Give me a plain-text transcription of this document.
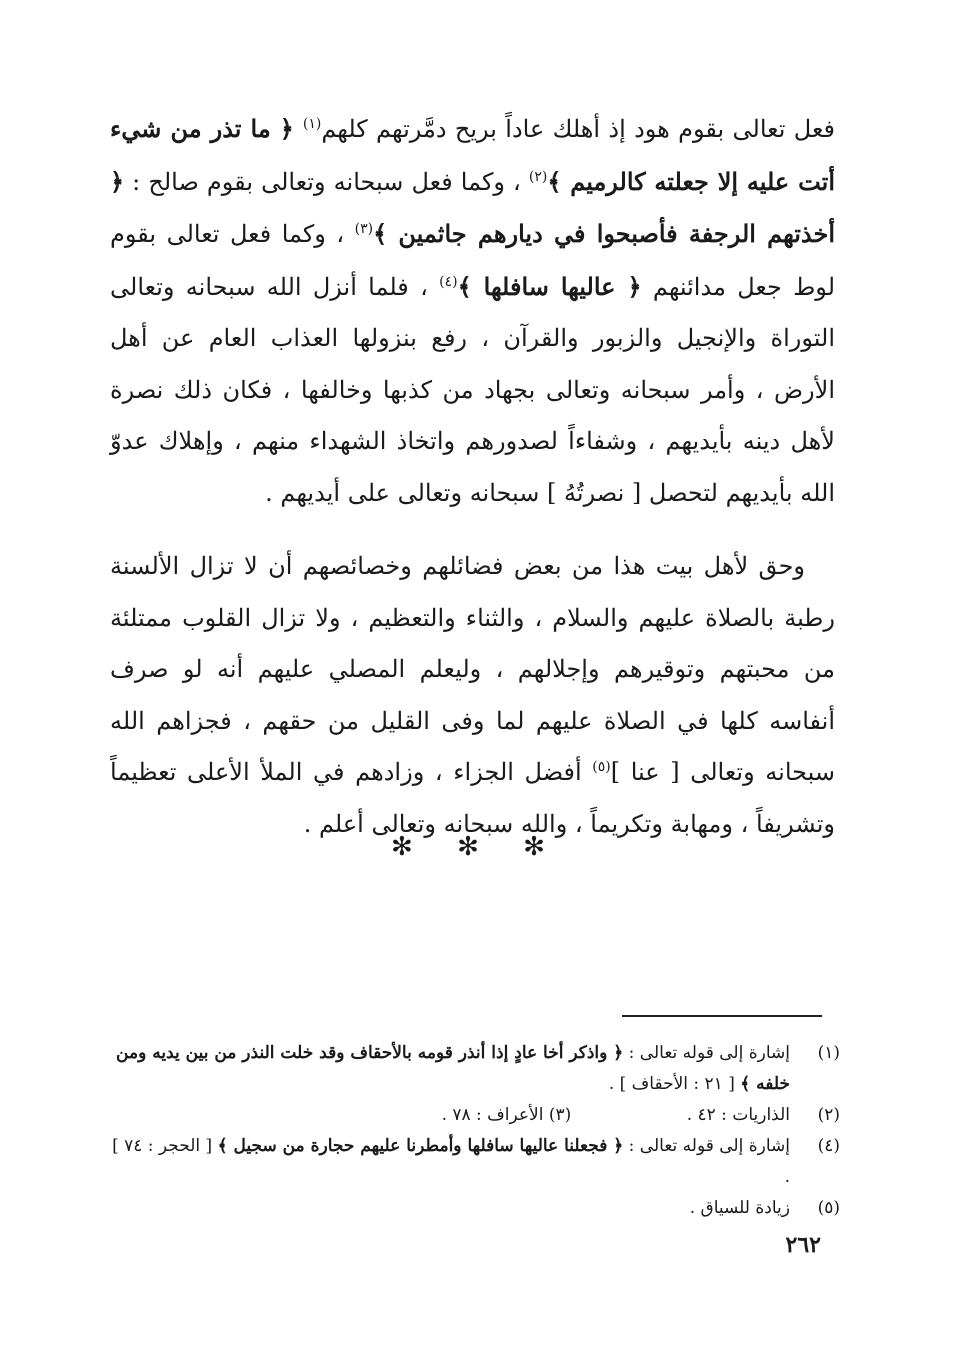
فعل تعالى بقوم هود إذ أهلك عاداً بريح دمَّرتهم كلهم$^{(١)}$ ﴿ ما تذر من شيء أتت عليه إلا جعلته كالرميم ﴾$^{(٢)}$ ، وكما فعل سبحانه وتعالى بقوم صالح : ﴿ أخذتهم الرجفة فأصبحوا في ديارهم جاثمين ﴾$^{(٣)}$ ، وكما فعل تعالى بقوم لوط جعل مدائنهم ﴿ عاليها سافلها ﴾$^{(٤)}$ ، فلما أنزل الله سبحانه وتعالى التوراة والإنجيل والزبور والقرآن ، رفع بنزولها العذاب العام عن أهل الأرض ، وأمر سبحانه وتعالى بجهاد من كذبها وخالفها ، فكان ذلك نصرة لأهل دينه بأيديهم ، وشفاءاً لصدورهم واتخاذ الشهداء منهم ، وإهلاك عدوّ الله بأيديهم لتحصل [ نصرتُهُ ] سبحانه وتعالى على أيديهم .

وحق لأهل بيت هذا من بعض فضائلهم وخصائصهم أن لا تزال الألسنة رطبة بالصلاة عليهم والسلام ، والثناء والتعظيم ، ولا تزال القلوب ممتلئة من محبتهم وتوقيرهم وإجلالهم ، وليعلم المصلي عليهم أنه لو صرف أنفاسه كلها في الصلاة عليهم لما وفى القليل من حقهم ، فجزاهم الله سبحانه وتعالى [ عنا ]$^{(٥)}$ أفضل الجزاء ، وزادهم في الملأ الأعلى تعظيماً وتشريفاً ، ومهابة وتكريماً ، والله سبحانه وتعالى أعلم .

✻ ✻ ✻
(١)
إشارة إلى قوله تعالى : ﴿ واذكر أخا عادٍ إذا أنذر قومه بالأحقاف وقد خلت النذر من بين يديه ومن خلفه ﴾ [ ٢١ : الأحقاف ] .
(٢)
الذاريات : ٤٢ . (٣) الأعراف : ٧٨ .
(٤)
إشارة إلى قوله تعالى : ﴿ فجعلنا عاليها سافلها وأمطرنا عليهم حجارة من سجيل ﴾ [ الحجر : ٧٤ ] .
(٥)
زيادة للسياق .
٢٦٢
